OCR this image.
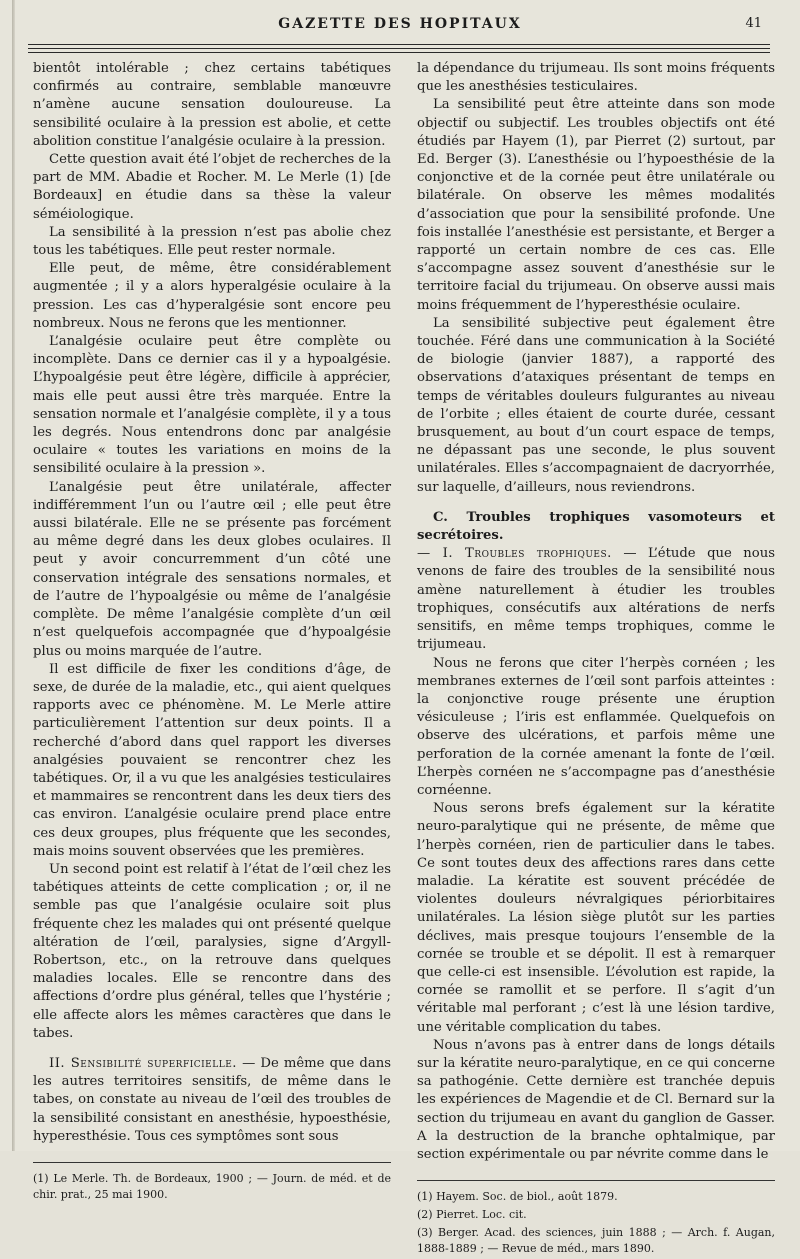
GAZETTE DES HOPITAUX	41

bientôt intolérable ; chez certains tabétiques confirmés au contraire, semblable manœuvre n’amène aucune sensation douloureuse. La sensibilité oculaire à la pression est abolie, et cette abolition constitue l’analgésie oculaire à la pression.

Cette question avait été l’objet de recherches de la part de MM. Abadie et Rocher. M. Le Merle (1) [de Bordeaux] en étudie dans sa thèse la valeur séméiologique.

La sensibilité à la pression n’est pas abolie chez tous les tabétiques. Elle peut rester normale.

Elle peut, de même, être considérablement augmentée ; il y a alors hyperalgésie oculaire à la pression. Les cas d’hyperalgésie sont encore peu nombreux. Nous ne ferons que les mentionner.

L’analgésie oculaire peut être complète ou incomplète. Dans ce dernier cas il y a hypoalgésie. L’hypoalgésie peut être légère, difficile à apprécier, mais elle peut aussi être très marquée. Entre la sensation normale et l’analgésie complète, il y a tous les degrés. Nous entendrons donc par analgésie oculaire « toutes les variations en moins de la sensibilité oculaire à la pression ».

L’analgésie peut être unilatérale, affecter indifféremment l’un ou l’autre œil ; elle peut être aussi bilatérale. Elle ne se présente pas forcément au même degré dans les deux globes oculaires. Il peut y avoir concurremment d’un côté une conservation intégrale des sensations normales, et de l’autre de l’hypoalgésie ou même de l’analgésie complète. De même l’analgésie complète d’un œil n’est quelquefois accompagnée que d’hypoalgésie plus ou moins marquée de l’autre.

Il est difficile de fixer les conditions d’âge, de sexe, de durée de la maladie, etc., qui aient quelques rapports avec ce phénomène. M. Le Merle attire particulièrement l’attention sur deux points. Il a recherché d’abord dans quel rapport les diverses analgésies pouvaient se rencontrer chez les tabétiques. Or, il a vu que les analgésies testiculaires et mammaires se rencontrent dans les deux tiers des cas environ. L’analgésie oculaire prend place entre ces deux groupes, plus fréquente que les secondes, mais moins souvent observées que les premières.

Un second point est relatif à l’état de l’œil chez les tabétiques atteints de cette complication ; or, il ne semble pas que l’analgésie oculaire soit plus fréquente chez les malades qui ont présenté quelque altération de l’œil, paralysies, signe d’Argyll-Robertson, etc., on la retrouve dans quelques maladies locales. Elle se rencontre dans des affections d’ordre plus général, telles que l’hystérie ; elle affecte alors les mêmes caractères que dans le tabes.

II. Sensibilité superficielle. — De même que dans les autres territoires sensitifs, de même dans le tabes, on constate au niveau de l’œil des troubles de la sensibilité consistant en anesthésie, hypoesthésie, hyperesthésie. Tous ces symptômes sont sous

(1) Le Merle. Th. de Bordeaux, 1900 ; — Journ. de méd. et de chir. prat., 25 mai 1900.

la dépendance du trijumeau. Ils sont moins fréquents que les anesthésies testiculaires.

La sensibilité peut être atteinte dans son mode objectif ou subjectif. Les troubles objectifs ont été étudiés par Hayem (1), par Pierret (2) surtout, par Ed. Berger (3). L’anesthésie ou l’hypoesthésie de la conjonctive et de la cornée peut être unilatérale ou bilatérale. On observe les mêmes modalités d’association que pour la sensibilité profonde. Une fois installée l’anesthésie est persistante, et Berger a rapporté un certain nombre de ces cas. Elle s’accompagne assez souvent d’anesthésie sur le territoire facial du trijumeau. On observe aussi mais moins fréquemment de l’hyperesthésie oculaire.

La sensibilité subjective peut également être touchée. Féré dans une communication à la Société de biologie (janvier 1887), a rapporté des observations d’ataxiques présentant de temps en temps de véritables douleurs fulgurantes au niveau de l’orbite ; elles étaient de courte durée, cessant brusquement, au bout d’un court espace de temps, ne dépassant pas une seconde, le plus souvent unilatérales. Elles s’accompagnaient de dacryorrhée, sur laquelle, d’ailleurs, nous reviendrons.

C. Troubles trophiques vasomoteurs et secrétoires.

— I. Troubles trophiques. — L’étude que nous venons de faire des troubles de la sensibilité nous amène naturellement à étudier les troubles trophiques, consécutifs aux altérations de nerfs sensitifs, en même temps trophiques, comme le trijumeau.

Nous ne ferons que citer l’herpès cornéen ; les membranes externes de l’œil sont parfois atteintes : la conjonctive rouge présente une éruption vésiculeuse ; l’iris est enflammée. Quelquefois on observe des ulcérations, et parfois même une perforation de la cornée amenant la fonte de l’œil. L’herpès cornéen ne s’accompagne pas d’anesthésie cornéenne.

Nous serons brefs également sur la kératite neuro-paralytique qui ne présente, de même que l’herpès cornéen, rien de particulier dans le tabes. Ce sont toutes deux des affections rares dans cette maladie. La kératite est souvent précédée de violentes douleurs névralgiques périorbitaires unilatérales. La lésion siège plutôt sur les parties déclives, mais presque toujours l’ensemble de la cornée se trouble et se dépolit. Il est à remarquer que celle-ci est insensible. L’évolution est rapide, la cornée se ramollit et se perfore. Il s’agit d’un véritable mal perforant ; c’est là une lésion tardive, une véritable complication du tabes.

Nous n’avons pas à entrer dans de longs détails sur la kératite neuro-paralytique, en ce qui concerne sa pathogénie. Cette dernière est tranchée depuis les expériences de Magendie et de Cl. Bernard sur la section du trijumeau en avant du ganglion de Gasser. A la destruction de la branche ophtalmique, par section expérimentale ou par névrite comme dans le

(1) Hayem. Soc. de biol., août 1879.
(2) Pierret. Loc. cit.
(3) Berger. Acad. des sciences, juin 1888 ; — Arch. f. Augan, 1888-1889 ; — Revue de méd., mars 1890.
